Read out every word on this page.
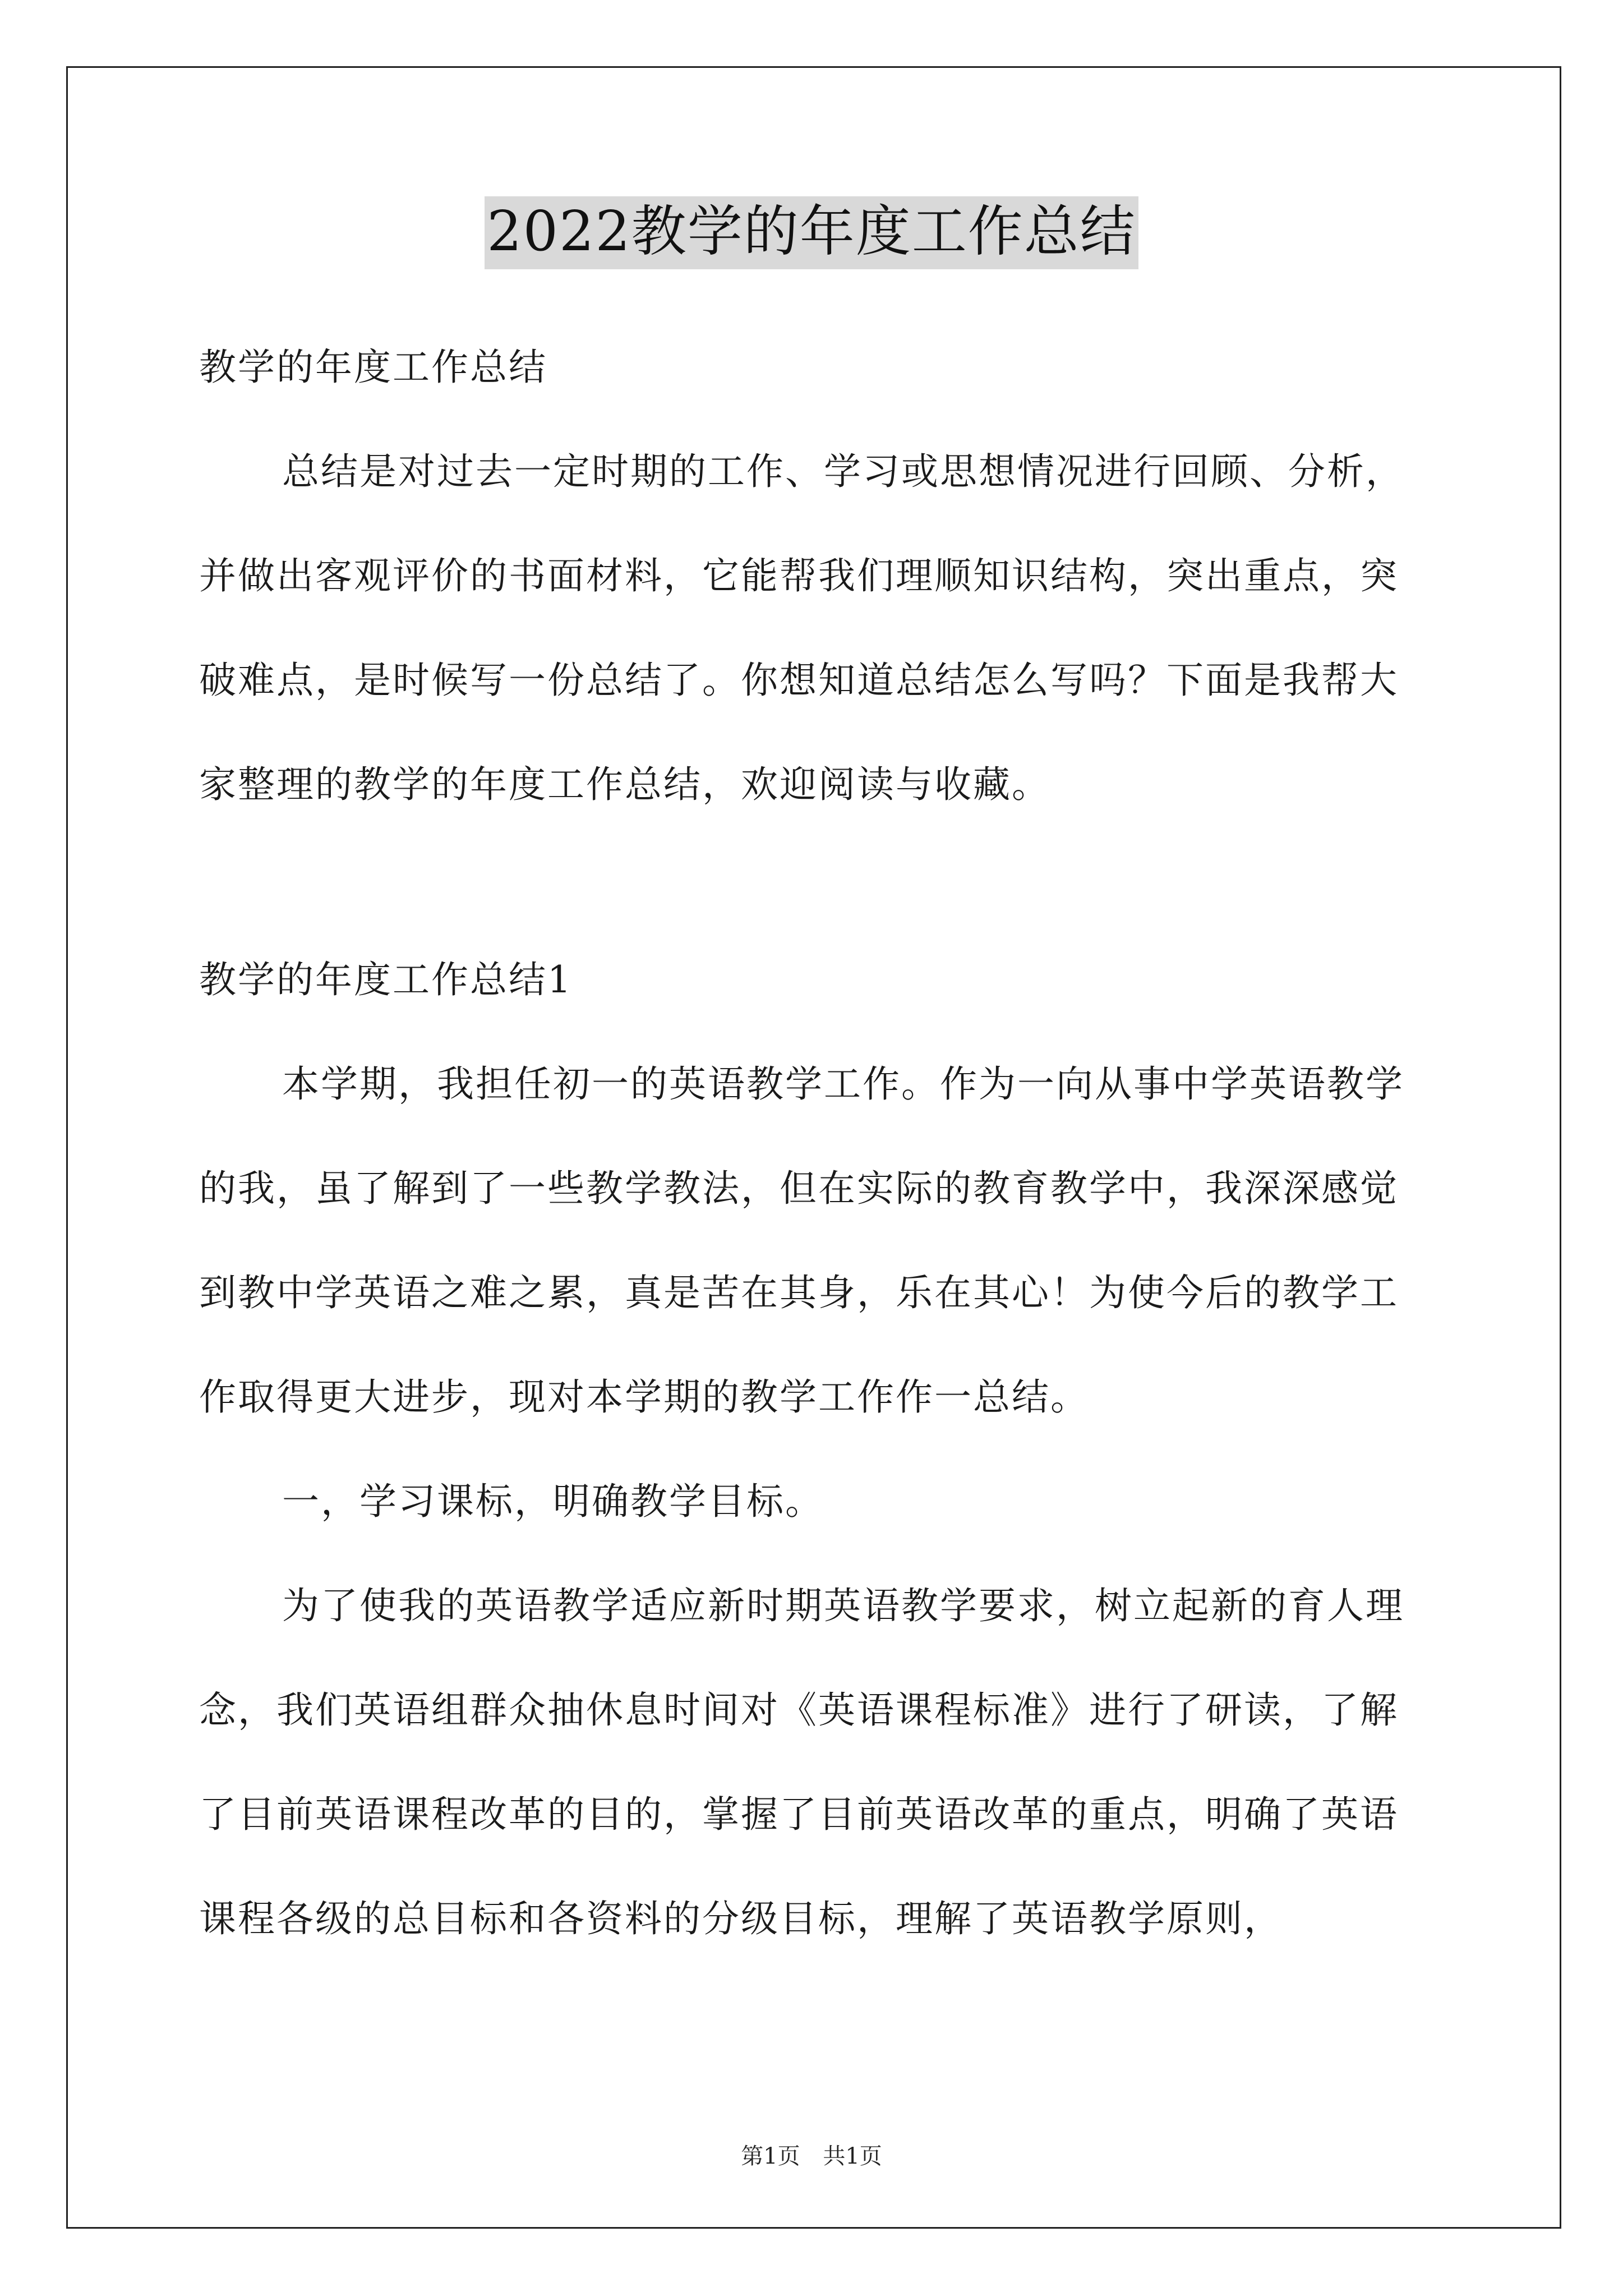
2022教学的年度工作总结

教学的年度工作总结

总结是对过去一定时期的工作、学习或思想情况进行回顾、分析，并做出客观评价的书面材料，它能帮我们理顺知识结构，突出重点，突破难点，是时候写一份总结了。你想知道总结怎么写吗？下面是我帮大家整理的教学的年度工作总结，欢迎阅读与收藏。

教学的年度工作总结1

本学期，我担任初一的英语教学工作。作为一向从事中学英语教学的我，虽了解到了一些教学教法，但在实际的教育教学中，我深深感觉到教中学英语之难之累，真是苦在其身，乐在其心！为使今后的教学工作取得更大进步，现对本学期的教学工作作一总结。

一，学习课标，明确教学目标。

为了使我的英语教学适应新时期英语教学要求，树立起新的育人理念，我们英语组群众抽休息时间对《英语课程标准》进行了研读，了解了目前英语课程改革的目的，掌握了目前英语改革的重点，明确了英语课程各级的总目标和各资料的分级目标，理解了英语教学原则，

第1页 共1页
